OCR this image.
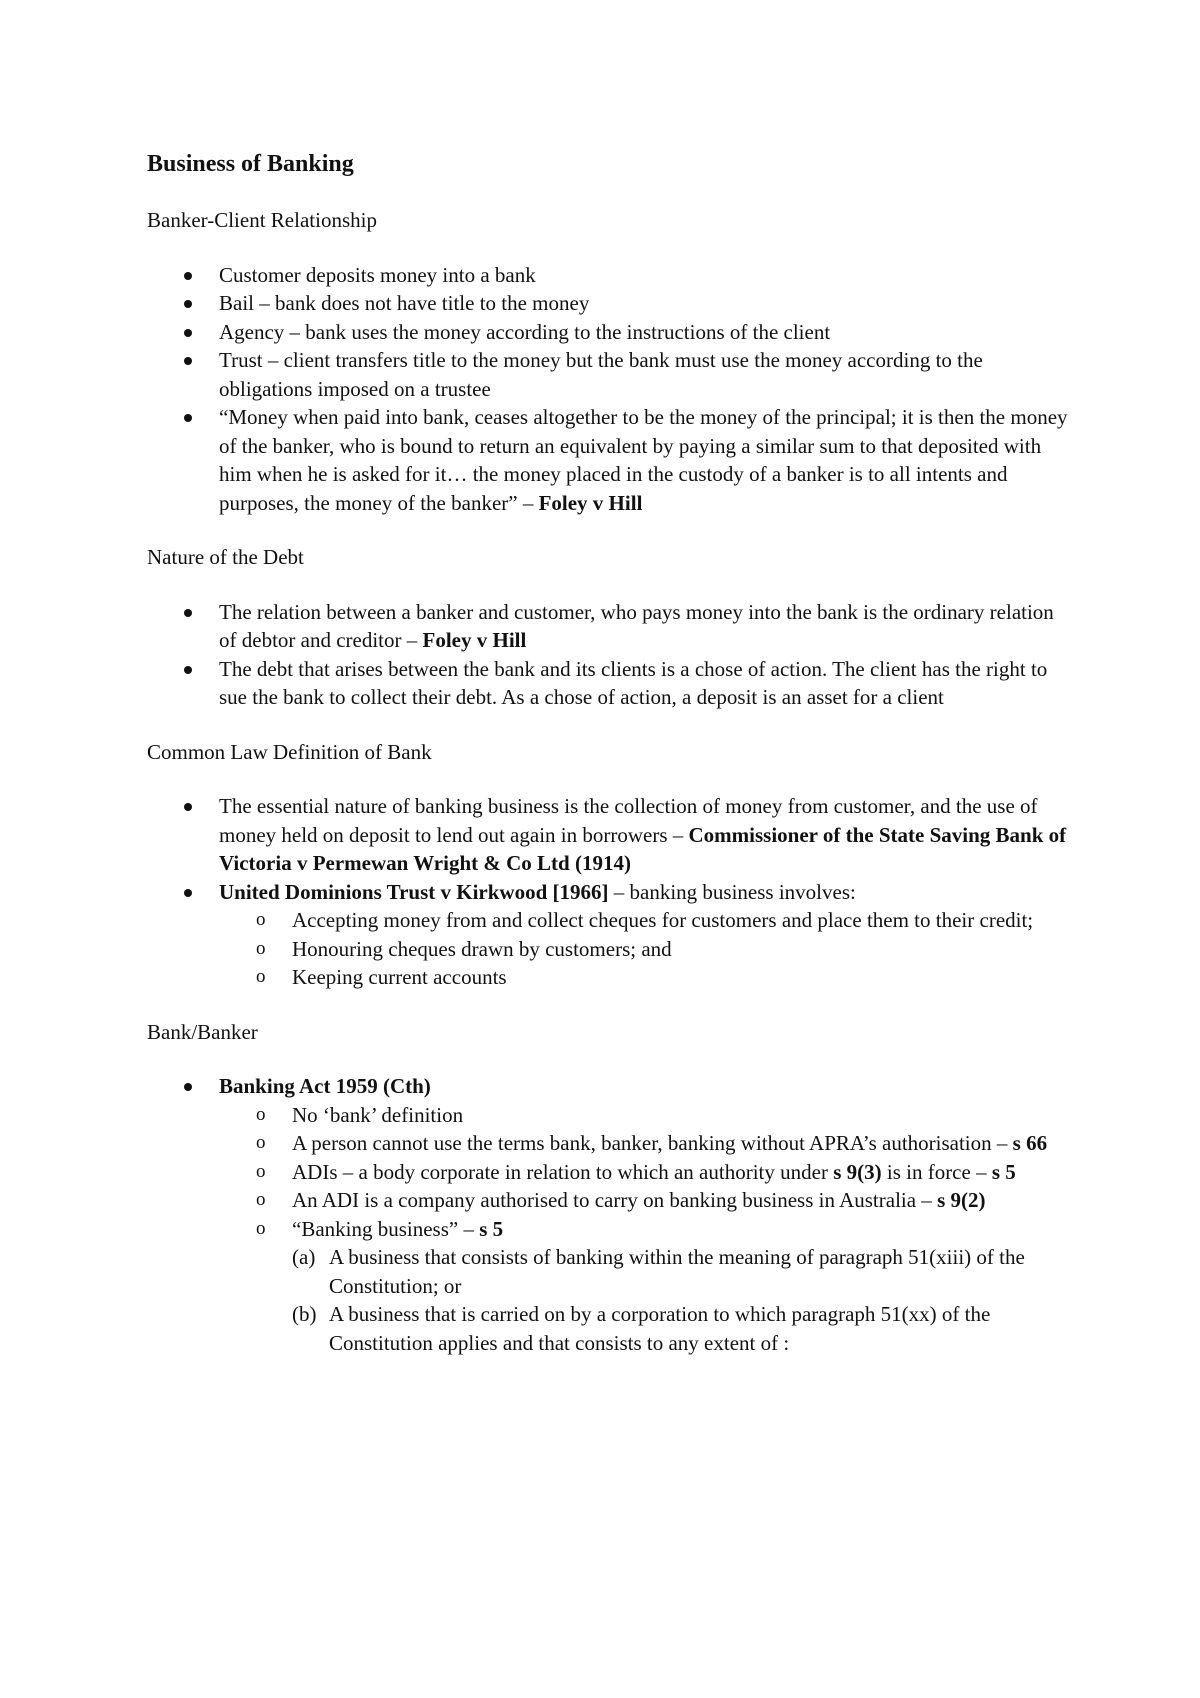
Business of Banking
Banker-Client Relationship
Customer deposits money into a bank
Bail – bank does not have title to the money
Agency – bank uses the money according to the instructions of the client
Trust – client transfers title to the money but the bank must use the money according to the obligations imposed on a trustee
“Money when paid into bank, ceases altogether to be the money of the principal; it is then the money of the banker, who is bound to return an equivalent by paying a similar sum to that deposited with him when he is asked for it… the money placed in the custody of a banker is to all intents and purposes, the money of the banker” – Foley v Hill
Nature of the Debt
The relation between a banker and customer, who pays money into the bank is the ordinary relation of debtor and creditor – Foley v Hill
The debt that arises between the bank and its clients is a chose of action. The client has the right to sue the bank to collect their debt. As a chose of action, a deposit is an asset for a client
Common Law Definition of Bank
The essential nature of banking business is the collection of money from customer, and the use of money held on deposit to lend out again in borrowers – Commissioner of the State Saving Bank of Victoria v Permewan Wright & Co Ltd (1914)
United Dominions Trust v Kirkwood [1966] – banking business involves:
o Accepting money from and collect cheques for customers and place them to their credit;
o Honouring cheques drawn by customers; and
o Keeping current accounts
Bank/Banker
Banking Act 1959 (Cth)
o No ‘bank’ definition
o A person cannot use the terms bank, banker, banking without APRA’s authorisation – s 66
o ADIs – a body corporate in relation to which an authority under s 9(3) is in force – s 5
o An ADI is a company authorised to carry on banking business in Australia – s 9(2)
o “Banking business” – s 5
(a) A business that consists of banking within the meaning of paragraph 51(xiii) of the Constitution; or
(b) A business that is carried on by a corporation to which paragraph 51(xx) of the Constitution applies and that consists to any extent of :
